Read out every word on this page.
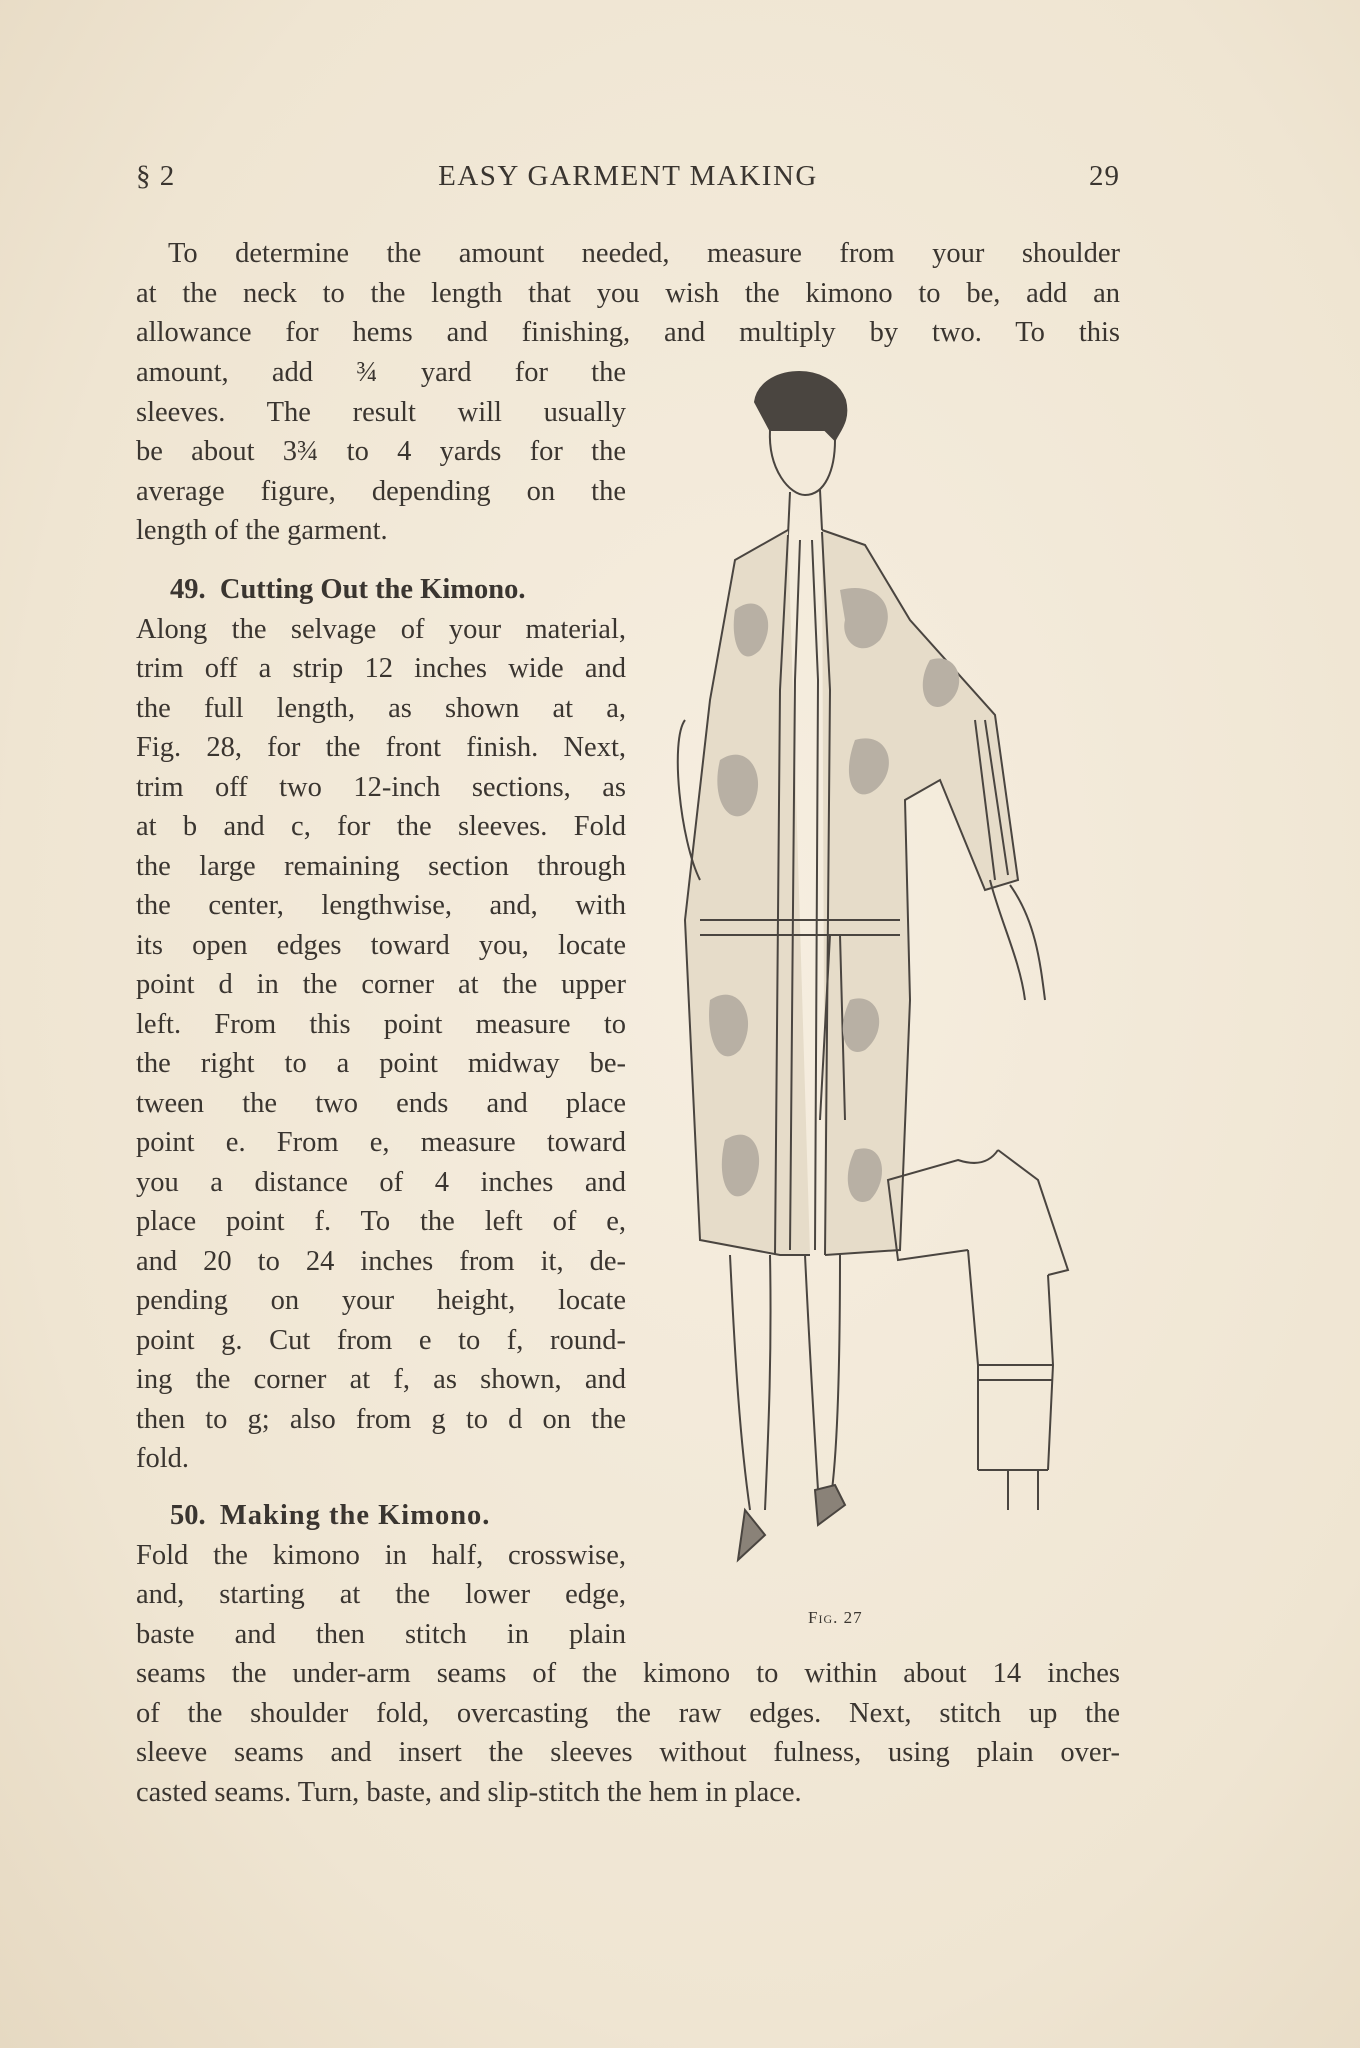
§ 2	EASY GARMENT MAKING	29
To determine the amount needed, measure from your shoulder
at the neck to the length that you wish the kimono to be, add an
allowance for hems and finishing, and multiply by two. To this
amount, add ¾ yard for the
sleeves. The result will usually
be about 3¾ to 4 yards for the
average figure, depending on the
length of the garment.
49. Cutting Out the Kimono.
Along the selvage of your material,
trim off a strip 12 inches wide and
the full length, as shown at a,
Fig. 28, for the front finish. Next,
trim off two 12-inch sections, as
at b and c, for the sleeves. Fold
the large remaining section through
the center, lengthwise, and, with
its open edges toward you, locate
point d in the corner at the upper
left. From this point measure to
the right to a point midway be-
tween the two ends and place
point e. From e, measure toward
you a distance of 4 inches and
place point f. To the left of e,
and 20 to 24 inches from it, de-
pending on your height, locate
point g. Cut from e to f, round-
ing the corner at f, as shown, and
then to g; also from g to d on the
fold.
50. Making the Kimono.
Fold the kimono in half, crosswise,
and, starting at the lower edge,
baste and then stitch in plain
seams the under-arm seams of the kimono to within about 14 inches
of the shoulder fold, overcasting the raw edges. Next, stitch up the
sleeve seams and insert the sleeves without fulness, using plain over-
casted seams. Turn, baste, and slip-stitch the hem in place.
Fig. 27
